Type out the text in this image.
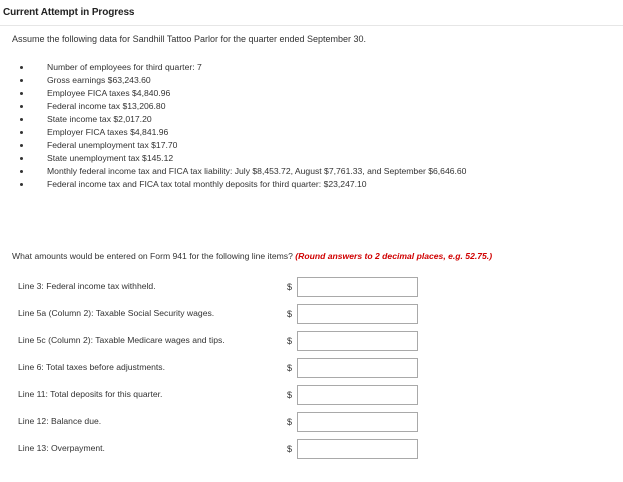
Current Attempt in Progress
Assume the following data for Sandhill Tattoo Parlor for the quarter ended September 30.
Number of employees for third quarter: 7
Gross earnings $63,243.60
Employee FICA taxes $4,840.96
Federal income tax $13,206.80
State income tax $2,017.20
Employer FICA taxes $4,841.96
Federal unemployment tax $17.70
State unemployment tax $145.12
Monthly federal income tax and FICA tax liability: July $8,453.72, August $7,761.33, and September $6,646.60
Federal income tax and FICA tax total monthly deposits for third quarter: $23,247.10
What amounts would be entered on Form 941 for the following line items? (Round answers to 2 decimal places, e.g. 52.75.)
Line 3: Federal income tax withheld.	$
Line 5a (Column 2): Taxable Social Security wages.	$
Line 5c (Column 2): Taxable Medicare wages and tips.	$
Line 6: Total taxes before adjustments.	$
Line 11: Total deposits for this quarter.	$
Line 12: Balance due.	$
Line 13: Overpayment.	$
